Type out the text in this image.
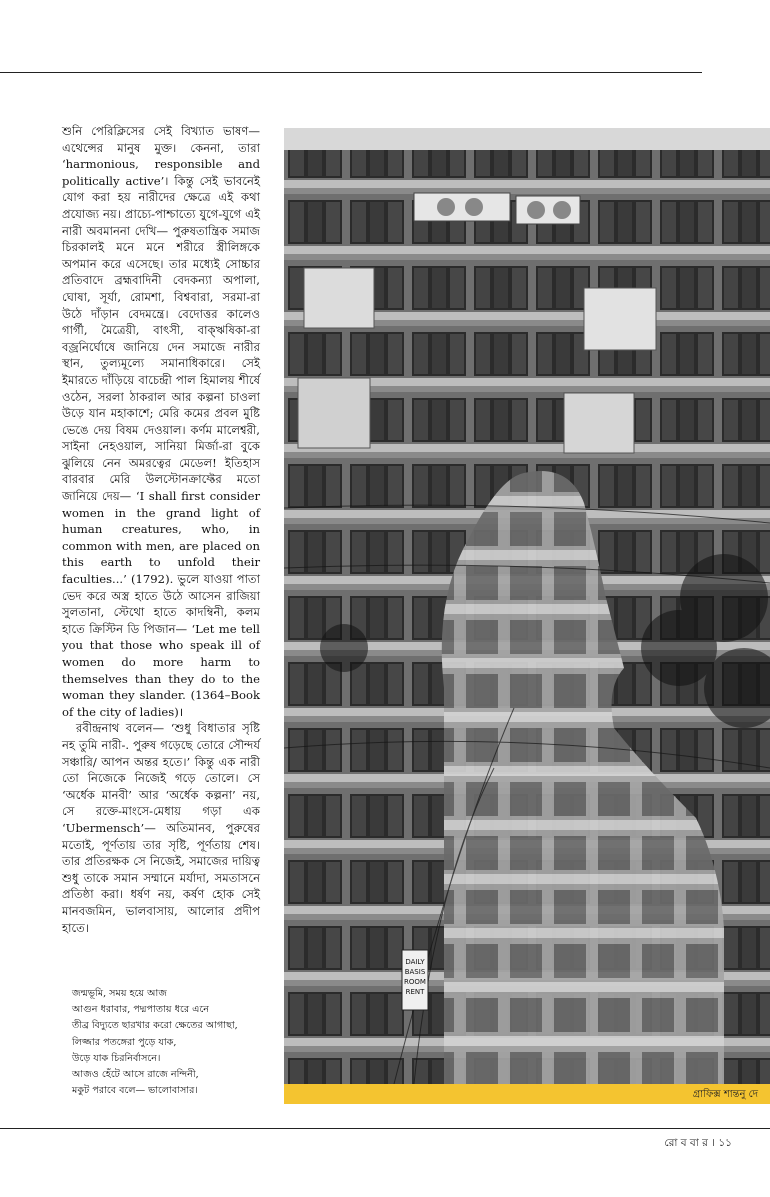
শুনি পেরিক্লিসের সেই বিখ্যাত ভাষণ— এথেন্সের মানুষ মুক্ত। কেননা, তারা ‘harmonious, responsible and politically active’। কিন্তু সেই ভাবনেই যোগ করা হয় নারীদের ক্ষেত্রে এই কথা প্রযোজ্য নয়। প্রাচ্যে-পাশ্চাত্যে যুগে-যুগে এই নারী অবমাননা দেখি— পুরুষতান্ত্রিক সমাজ চিরকালই মনে মনে শরীরে স্ত্রীলিঙ্গকে অপমান করে এসেছে। তার মধ্যেই সোচ্চার প্রতিবাদে ব্রহ্মবাদিনী বেদকন্যা অপালা, ঘোষা, সূর্যা, রোমশা, বিশ্ববারা, সরমা-রা উঠে দাঁড়ান বেদমন্ত্রে। বেদোত্তর কালেও গার্গী, মৈত্রেয়ী, বাৎসী, বাক্‌ঋষিকা-রা বজ্রনির্ঘোষে জানিয়ে দেন সমাজে নারীর স্থান, তুল্যমূল্যে সমানাধিকারে। সেই ইমারতে দাঁড়িয়ে বাচেন্দ্রী পাল হিমালয় শীর্ষে ওঠেন, সরলা ঠাকরাল আর কল্পনা চাওলা উড়ে যান মহাকাশে; মেরি কমের প্রবল মুষ্টি ভেঙে দেয় বিষম দেওয়াল। কর্ণম মালেশ্বরী, সাইনা নেহওয়াল, সানিয়া মির্জা-রা বুকে ঝুলিয়ে নেন অমরত্বের মেডেল! ইতিহাস বারবার মেরি উলস্টোনক্রাফ্টের মতো জানিয়ে দেয়— ‘I shall first consider women in the grand light of human creatures, who, in common with men, are placed on this earth to unfold their faculties...’ (1792). ভুলে যাওয়া পাতা ভেদ করে অস্ত্র হাতে উঠে আসেন রাজিয়া সুলতানা, স্টেথো হাতে কাদম্বিনী, কলম হাতে ক্রিস্টিন ডি পিজান— ‘Let me tell you that those who speak ill of women do more harm to themselves than they do to the woman they slander. (1364–Book of the city of ladies)।

রবীন্দ্রনাথ বলেন— ‘শুধু বিধাতার সৃষ্টি নহ তুমি নারী-. পুরুষ গড়েছে তোরে সৌন্দর্য সঞ্চারি/ আপন অন্তর হতে।’ কিন্তু এক নারী তো নিজেকে নিজেই গড়ে তোলে। সে ‘অর্ধেক মানবী’ আর ‘অর্ধেক কল্পনা’ নয়, সে রক্তে-মাংসে-মেধায় গড়া এক ‘Ubermensch’— অতিমানব, পুরুষের মতোই, পূর্ণতায় তার সৃষ্টি, পূর্ণতায় শেষ। তার প্রতিরক্ষক সে নিজেই, সমাজের দায়িত্ব শুধু তাকে সমান সম্মানে মর্যাদা, সমতাসনে প্রতিষ্ঠা করা। ধর্ষণ নয়, কর্ষণ হোক সেই মানবজমিন, ভালবাসায়, আলোর প্রদীপ হাতে।

জন্মভূমি, সময় হয়ে আজ
আগুন ধরাবার, পদ্মপাতায় ধরে এনে
তীব্র বিদ্যুতে ছারখার করো ক্ষেতের আগাছা,
লিজ্জার পতঙ্গেরা পুড়ে যাক,
উড়ে যাক চিরনির্বাসনে।
আজও হেঁটে আসে রাজে নন্দিনী,
মকুট পরাবে বলে— ভালোবাসার।
DAILY
BASIS
ROOM
RENT
গ্রাফিক্স শান্তনু দে
রো ব বা র । ১১
